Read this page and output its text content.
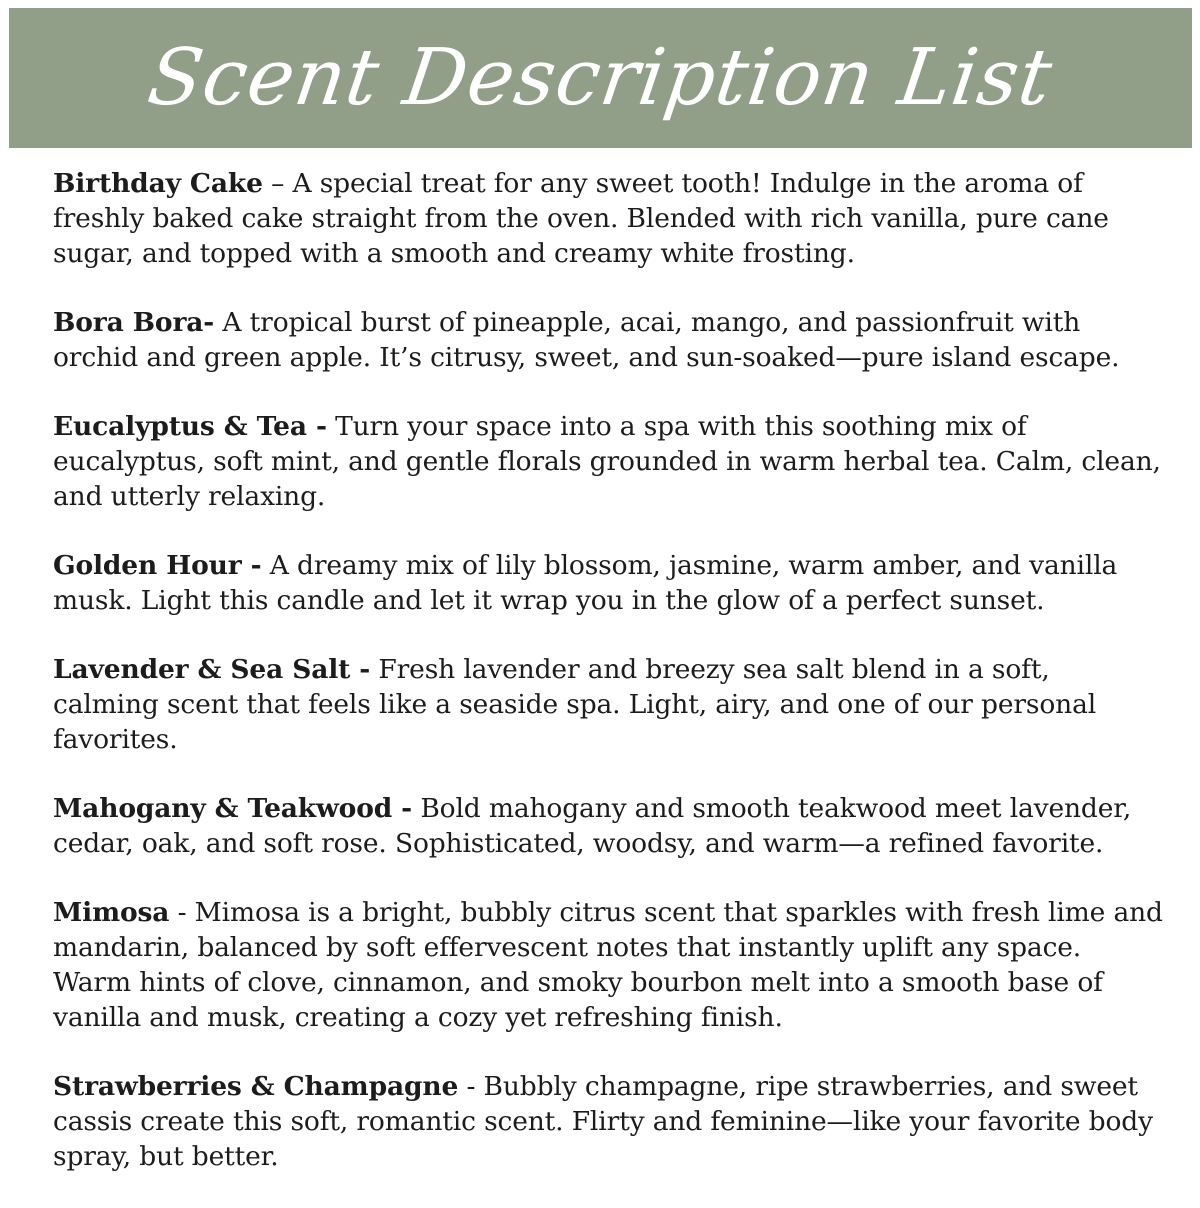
Scent Description List
Birthday Cake – A special treat for any sweet tooth! Indulge in the aroma of freshly baked cake straight from the oven. Blended with rich vanilla, pure cane sugar, and topped with a smooth and creamy white frosting.
Bora Bora- A tropical burst of pineapple, acai, mango, and passionfruit with orchid and green apple. It’s citrusy, sweet, and sun-soaked—pure island escape.
Eucalyptus & Tea - Turn your space into a spa with this soothing mix of eucalyptus, soft mint, and gentle florals grounded in warm herbal tea. Calm, clean, and utterly relaxing.
Golden Hour - A dreamy mix of lily blossom, jasmine, warm amber, and vanilla musk. Light this candle and let it wrap you in the glow of a perfect sunset.
Lavender & Sea Salt - Fresh lavender and breezy sea salt blend in a soft, calming scent that feels like a seaside spa. Light, airy, and one of our personal favorites.
Mahogany & Teakwood - Bold mahogany and smooth teakwood meet lavender, cedar, oak, and soft rose. Sophisticated, woodsy, and warm—a refined favorite.
Mimosa - Mimosa is a bright, bubbly citrus scent that sparkles with fresh lime and mandarin, balanced by soft effervescent notes that instantly uplift any space. Warm hints of clove, cinnamon, and smoky bourbon melt into a smooth base of vanilla and musk, creating a cozy yet refreshing finish.
Strawberries & Champagne - Bubbly champagne, ripe strawberries, and sweet cassis create this soft, romantic scent. Flirty and feminine—like your favorite body spray, but better.
